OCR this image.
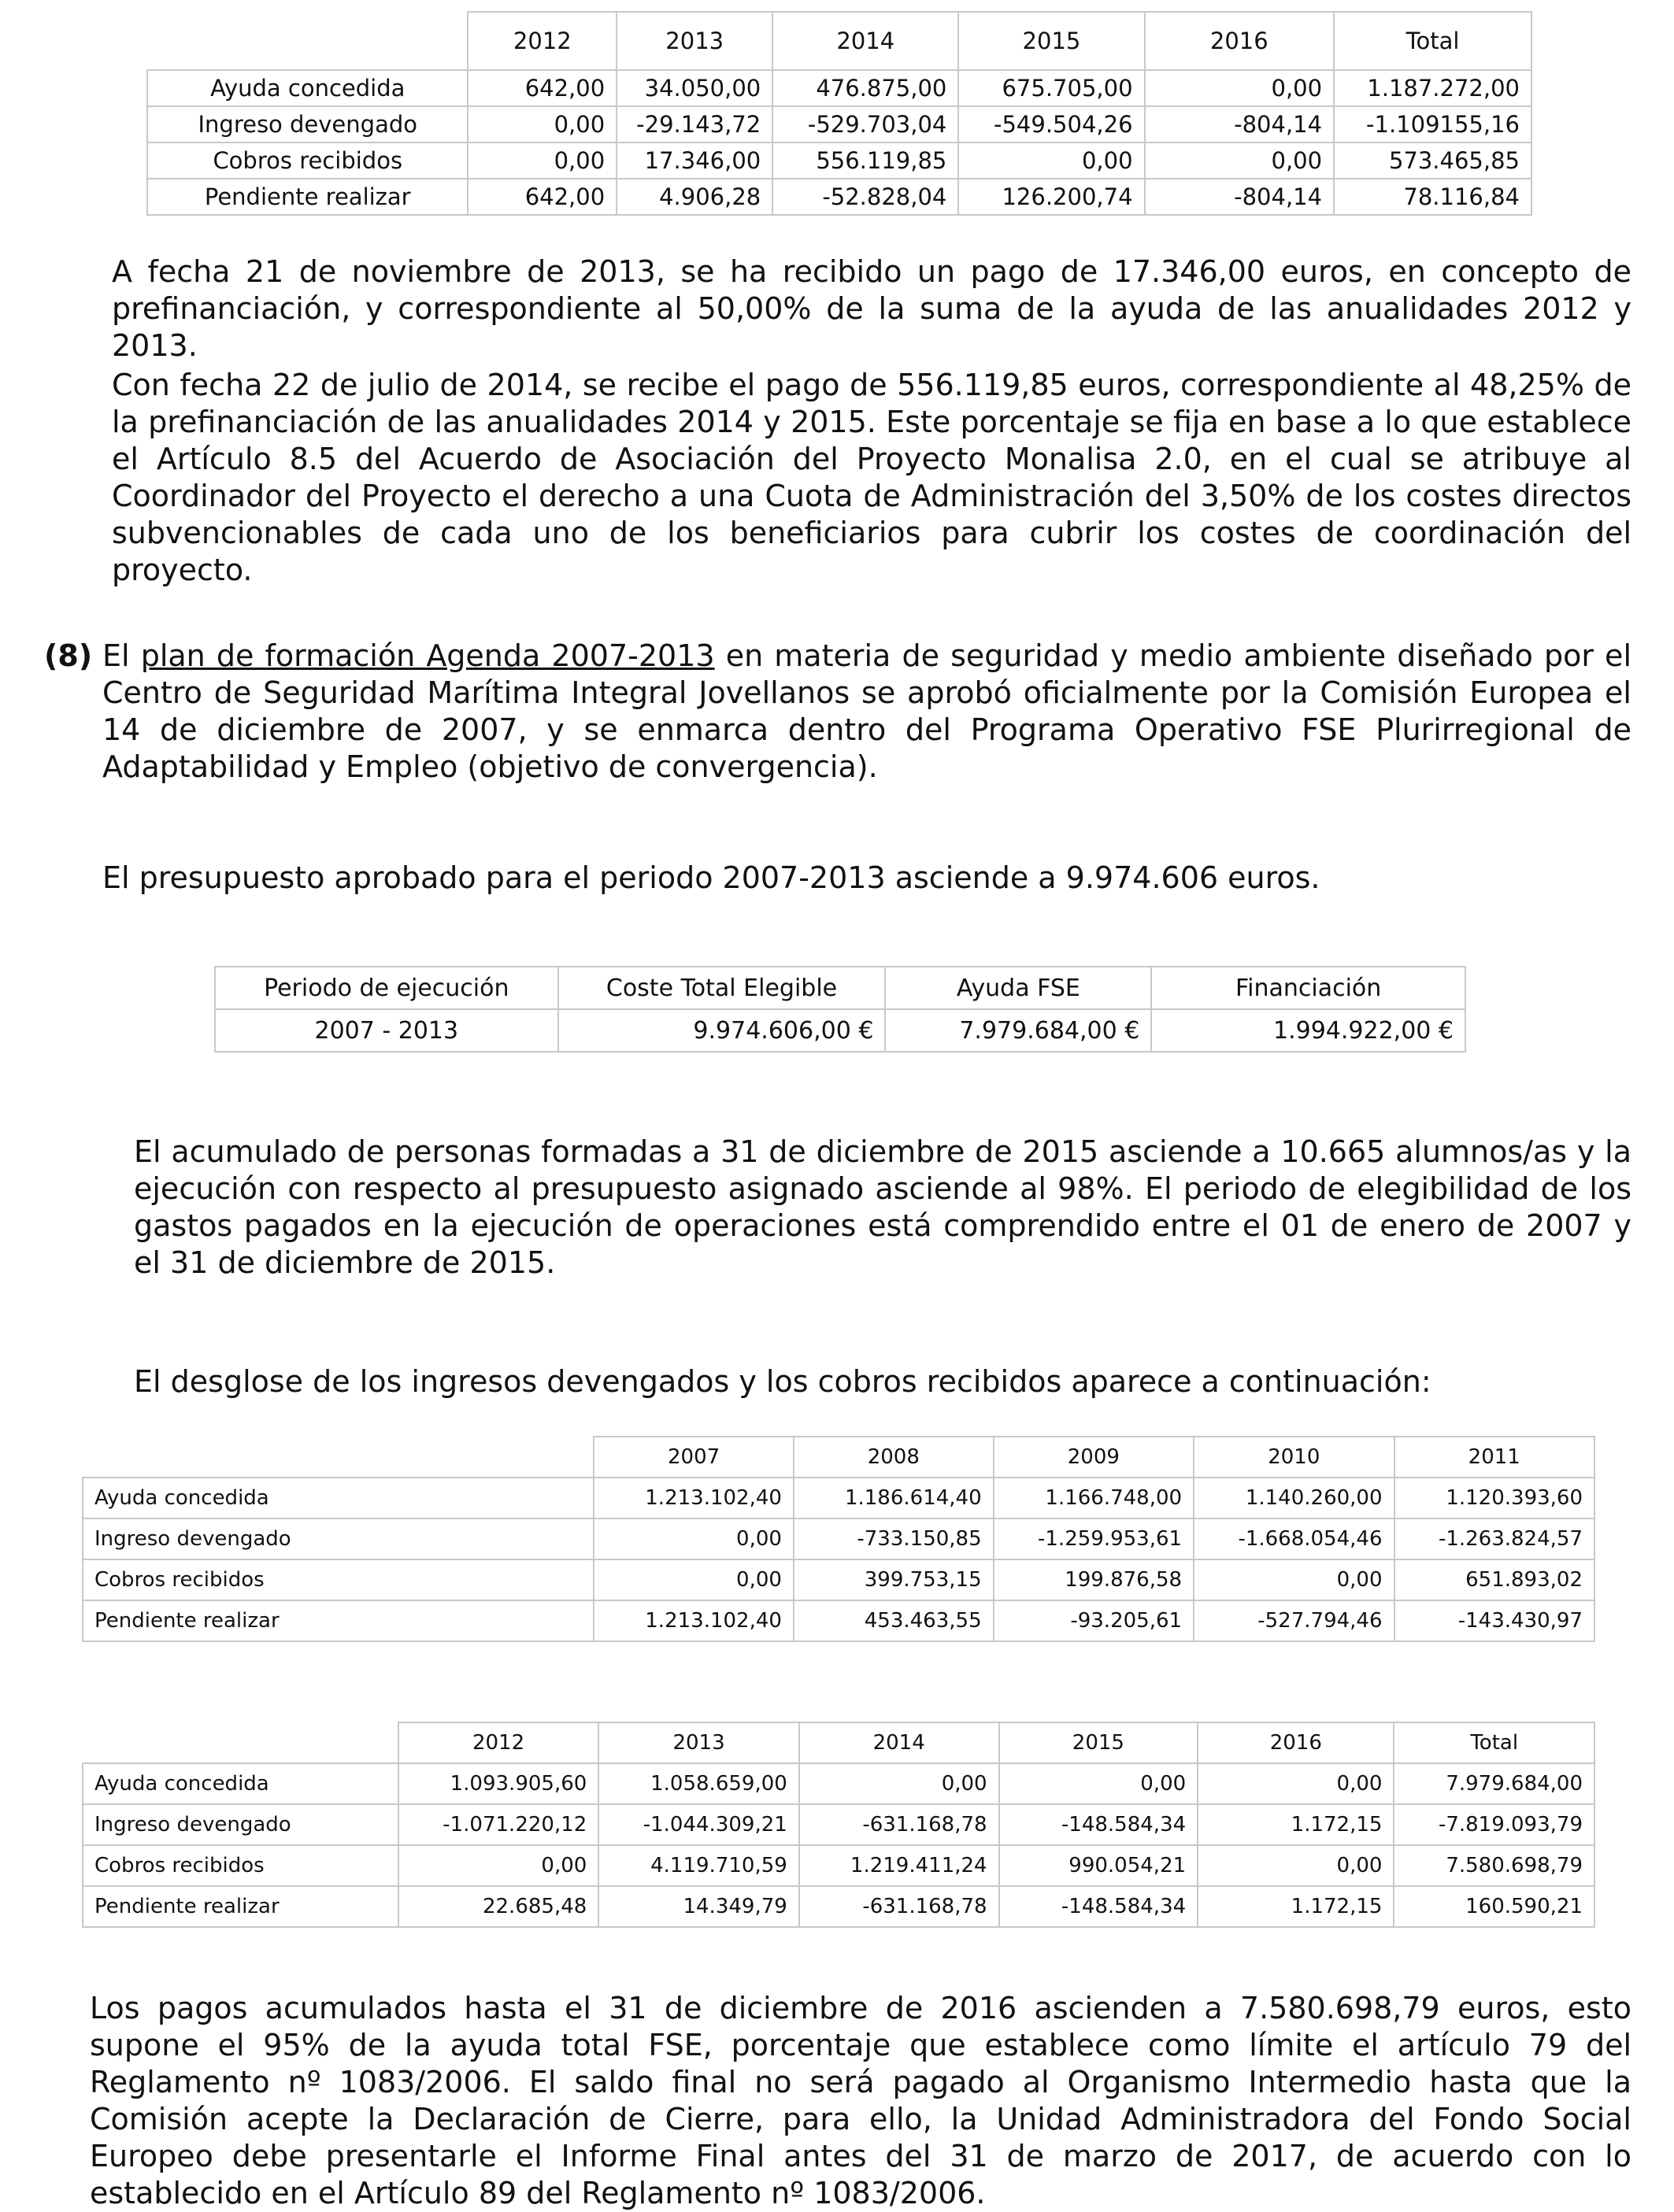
	2012	2013	2014	2015	2016	Total
Ayuda concedida	642,00	34.050,00	476.875,00	675.705,00	0,00	1.187.272,00
Ingreso devengado	0,00	-29.143,72	-529.703,04	-549.504,26	-804,14	-1.109155,16
Cobros recibidos	0,00	17.346,00	556.119,85	0,00	0,00	573.465,85
Pendiente realizar	642,00	4.906,28	-52.828,04	126.200,74	-804,14	78.116,84

A fecha 21 de noviembre de 2013, se ha recibido un pago de 17.346,00 euros, en concepto de prefinanciación, y correspondiente al 50,00% de la suma de la ayuda de las anualidades 2012 y 2013.

Con fecha 22 de julio de 2014, se recibe el pago de 556.119,85 euros, correspondiente al 48,25% de la prefinanciación de las anualidades 2014 y 2015. Este porcentaje se fija en base a lo que establece el Artículo 8.5 del Acuerdo de Asociación del Proyecto Monalisa 2.0, en el cual se atribuye al Coordinador del Proyecto el derecho a una Cuota de Administración del 3,50% de los costes directos subvencionables de cada uno de los beneficiarios para cubrir los costes de coordinación del proyecto.

(8) El plan de formación Agenda 2007-2013 en materia de seguridad y medio ambiente diseñado por el Centro de Seguridad Marítima Integral Jovellanos se aprobó oficialmente por la Comisión Europea el 14 de diciembre de 2007, y se enmarca dentro del Programa Operativo FSE Plurirregional de Adaptabilidad y Empleo (objetivo de convergencia).

El presupuesto aprobado para el periodo 2007-2013 asciende a 9.974.606 euros.

Periodo de ejecución	Coste Total Elegible	Ayuda FSE	Financiación
2007 - 2013	9.974.606,00 €	7.979.684,00 €	1.994.922,00 €

El acumulado de personas formadas a 31 de diciembre de 2015 asciende a 10.665 alumnos/as y la ejecución con respecto al presupuesto asignado asciende al 98%. El periodo de elegibilidad de los gastos pagados en la ejecución de operaciones está comprendido entre el 01 de enero de 2007 y el 31 de diciembre de 2015.

El desglose de los ingresos devengados y los cobros recibidos aparece a continuación:

	2007	2008	2009	2010	2011
Ayuda concedida	1.213.102,40	1.186.614,40	1.166.748,00	1.140.260,00	1.120.393,60
Ingreso devengado	0,00	-733.150,85	-1.259.953,61	-1.668.054,46	-1.263.824,57
Cobros recibidos	0,00	399.753,15	199.876,58	0,00	651.893,02
Pendiente realizar	1.213.102,40	453.463,55	-93.205,61	-527.794,46	-143.430,97
	2012	2013	2014	2015	2016	Total
Ayuda concedida	1.093.905,60	1.058.659,00	0,00	0,00	0,00	7.979.684,00
Ingreso devengado	-1.071.220,12	-1.044.309,21	-631.168,78	-148.584,34	1.172,15	-7.819.093,79
Cobros recibidos	0,00	4.119.710,59	1.219.411,24	990.054,21	0,00	7.580.698,79
Pendiente realizar	22.685,48	14.349,79	-631.168,78	-148.584,34	1.172,15	160.590,21

Los pagos acumulados hasta el 31 de diciembre de 2016 ascienden a 7.580.698,79 euros, esto supone el 95% de la ayuda total FSE, porcentaje que establece como límite el artículo 79 del Reglamento nº 1083/2006. El saldo final no será pagado al Organismo Intermedio hasta que la Comisión acepte la Declaración de Cierre, para ello, la Unidad Administradora del Fondo Social Europeo debe presentarle el Informe Final antes del 31 de marzo de 2017, de acuerdo con lo establecido en el Artículo 89 del Reglamento nº 1083/2006.
